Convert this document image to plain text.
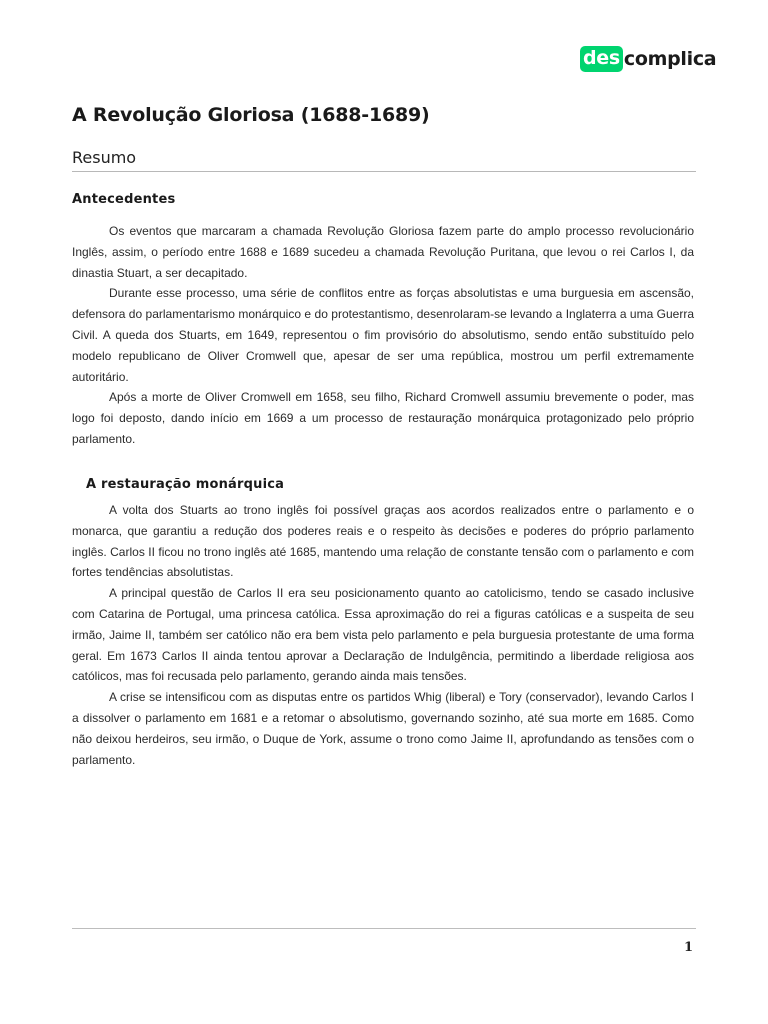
des complica
A Revolução Gloriosa (1688-1689)
Resumo
Antecedentes

Os eventos que marcaram a chamada Revolução Gloriosa fazem parte do amplo processo revolucionário Inglês, assim, o período entre 1688 e 1689 sucedeu a chamada Revolução Puritana, que levou o rei Carlos I, da dinastia Stuart, a ser decapitado.

Durante esse processo, uma série de conflitos entre as forças absolutistas e uma burguesia em ascensão, defensora do parlamentarismo monárquico e do protestantismo, desenrolaram-se levando a Inglaterra a uma Guerra Civil. A queda dos Stuarts, em 1649, representou o fim provisório do absolutismo, sendo então substituído pelo modelo republicano de Oliver Cromwell que, apesar de ser uma república, mostrou um perfil extremamente autoritário.

Após a morte de Oliver Cromwell em 1658, seu filho, Richard Cromwell assumiu brevemente o poder, mas logo foi deposto, dando início em 1669 a um processo de restauração monárquica protagonizado pelo próprio parlamento.

A restauração monárquica

A volta dos Stuarts ao trono inglês foi possível graças aos acordos realizados entre o parlamento e o monarca, que garantiu a redução dos poderes reais e o respeito às decisões e poderes do próprio parlamento inglês. Carlos II ficou no trono inglês até 1685, mantendo uma relação de constante tensão com o parlamento e com fortes tendências absolutistas.

A principal questão de Carlos II era seu posicionamento quanto ao catolicismo, tendo se casado inclusive com Catarina de Portugal, uma princesa católica. Essa aproximação do rei a figuras católicas e a suspeita de seu irmão, Jaime II, também ser católico não era bem vista pelo parlamento e pela burguesia protestante de uma forma geral. Em 1673 Carlos II ainda tentou aprovar a Declaração de Indulgência, permitindo a liberdade religiosa aos católicos, mas foi recusada pelo parlamento, gerando ainda mais tensões.

A crise se intensificou com as disputas entre os partidos Whig (liberal) e Tory (conservador), levando Carlos I a dissolver o parlamento em 1681 e a retomar o absolutismo, governando sozinho, até sua morte em 1685. Como não deixou herdeiros, seu irmão, o Duque de York, assume o trono como Jaime II, aprofundando as tensões com o parlamento.

1
